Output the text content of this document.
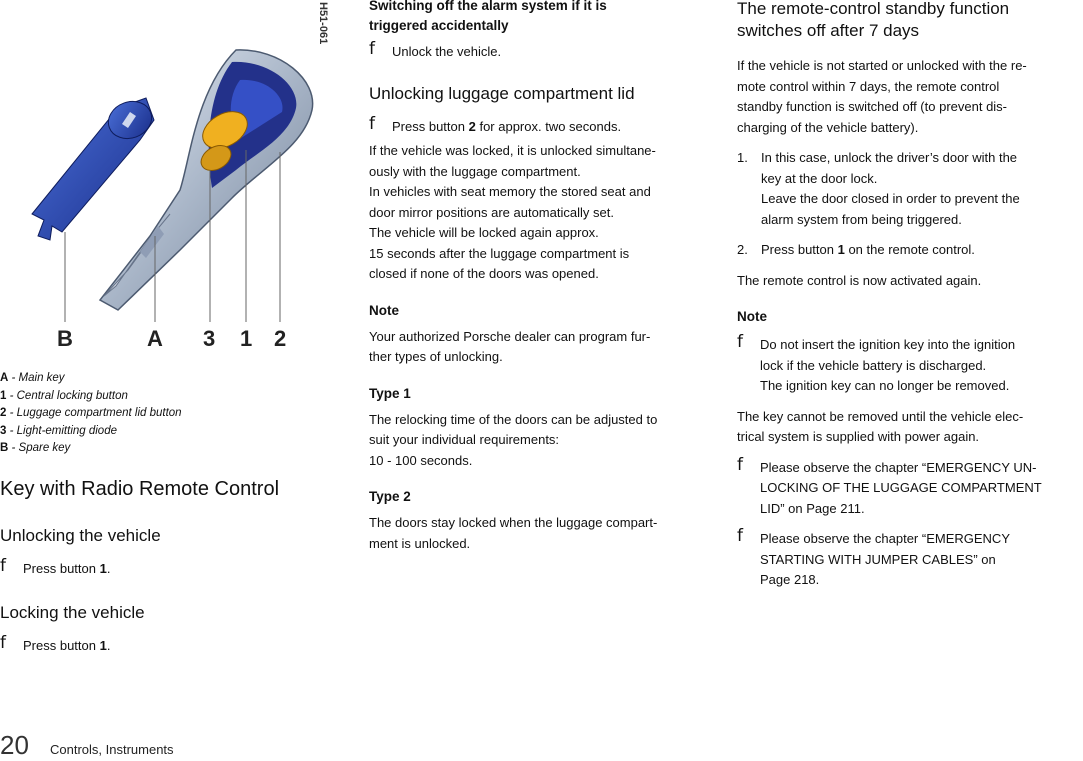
H51-061
B	A 3 1 2
A - Main key
1 - Central locking button
2 - Luggage compartment lid button
3 - Light-emitting diode
B - Spare key
Key with Radio Remote Control
Unlocking the vehicle
f Press button 1.
Locking the vehicle
f Press button 1.
Switching off the alarm system if it is
triggered accidentally
f Unlock the vehicle.
Unlocking luggage compartment lid
f Press button 2 for approx. two seconds.

If the vehicle was locked, it is unlocked simultane-

ously with the luggage compartment.

In vehicles with seat memory the stored seat and

door mirror positions are automatically set.

The vehicle will be locked again approx.

15 seconds after the luggage compartment is

closed if none of the doors was opened.

Note

Your authorized Porsche dealer can program fur-

ther types of unlocking.

Type 1

The relocking time of the doors can be adjusted to

suit your individual requirements:

10 - 100 seconds.

Type 2

The doors stay locked when the luggage compart-

ment is unlocked.

The remote-control standby function
switches off after 7 days

If the vehicle is not started or unlocked with the re-

mote control within 7 days, the remote control

standby function is switched off (to prevent dis-

charging of the vehicle battery).

1. In this case, unlock the driver’s door with the
key at the door lock.
Leave the door closed in order to prevent the
alarm system from being triggered.
2. Press button 1 on the remote control.

The remote control is now activated again.

Note
f Do not insert the ignition key into the ignition
lock if the vehicle battery is discharged.
The ignition key can no longer be removed.

The key cannot be removed until the vehicle elec-

trical system is supplied with power again.

f Please observe the chapter “EMERGENCY UN-
LOCKING OF THE LUGGAGE COMPARTMENT
LID” on Page 211.
f Please observe the chapter “EMERGENCY
STARTING WITH JUMPER CABLES” on
Page 218.
20 Controls, Instruments
